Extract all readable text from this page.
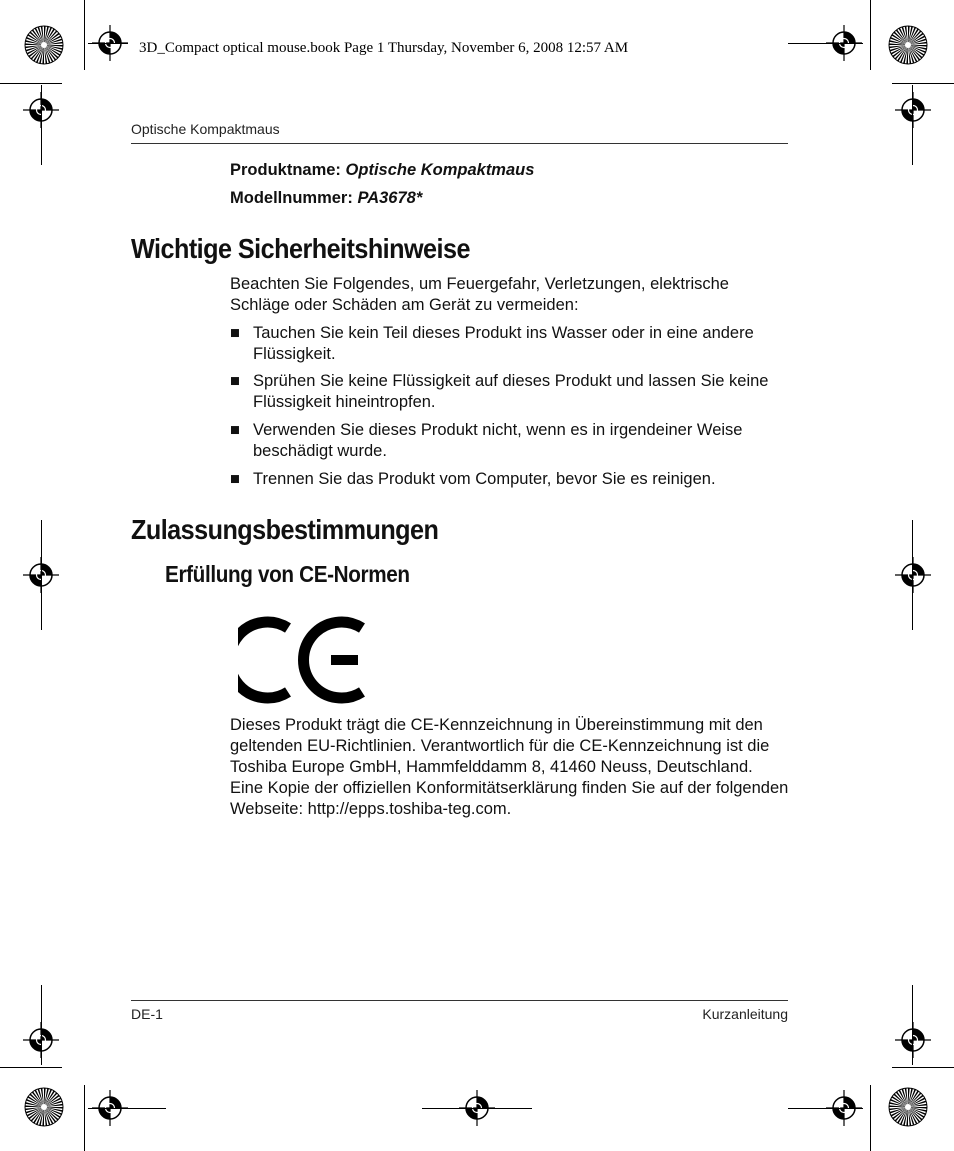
3D_Compact optical mouse.book Page 1 Thursday, November 6, 2008 12:57 AM
Optische Kompaktmaus
Produktname: Optische Kompaktmaus
Modellnummer: PA3678*
Wichtige Sicherheitshinweise

Beachten Sie Folgendes, um Feuergefahr, Verletzungen, elektrische Schläge oder Schäden am Gerät zu vermeiden:

■ Tauchen Sie kein Teil dieses Produkt ins Wasser oder in eine andere Flüssigkeit.
■ Sprühen Sie keine Flüssigkeit auf dieses Produkt und lassen Sie keine Flüssigkeit hineintropfen.
■ Verwenden Sie dieses Produkt nicht, wenn es in irgendeiner Weise beschädigt wurde.
■ Trennen Sie das Produkt vom Computer, bevor Sie es reinigen.
Zulassungsbestimmungen
Erfüllung von CE-Normen

Dieses Produkt trägt die CE-Kennzeichnung in Übereinstimmung mit den geltenden EU-Richtlinien. Verantwortlich für die CE-Kennzeichnung ist die Toshiba Europe GmbH, Hammfelddamm 8, 41460 Neuss, Deutschland. Eine Kopie der offiziellen Konformitätserklärung finden Sie auf der folgenden Webseite: http://epps.toshiba-teg.com.

DE-1	Kurzanleitung
